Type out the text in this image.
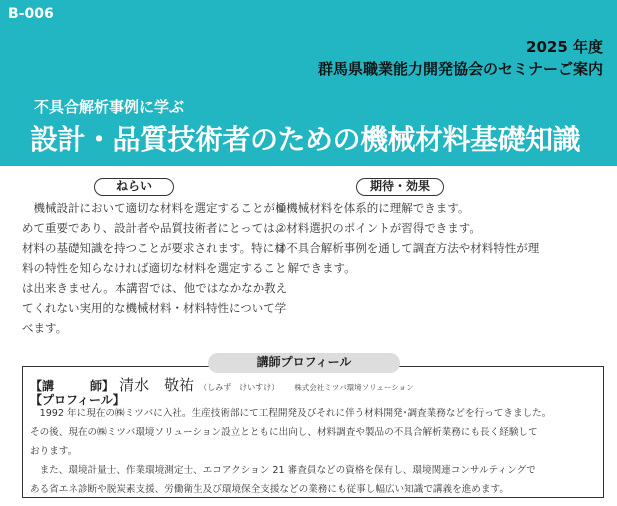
B-006
2025 年度
群馬県職業能力開発協会のセミナーご案内
不具合解析事例に学ぶ
設計・品質技術者のための機械材料基礎知識
ねらい
　機械設計において適切な材料を選定することが極
めて重要であり、設計者や品質技術者にとっては、
材料の基礎知識を持つことが要求されます。特に材
料の特性を知らなければ適切な材料を選定すること
は出来きません。本講習では、他ではなかなか教え
てくれない実用的な機械材料・材料特性について学
べます。
期待・効果
①機械材料を体系的に理解できます。
②材料選択のポイントが習得できます。
③不具合解析事例を通して調査方法や材料特性が理
　解できます。
講師プロフィール
【講　　　師】 清水　敬祐 （しみず　けいすけ） 株式会社ミツバ環境ソリューション
【プロフィール】
　1992 年に現在の㈱ミツバに入社。生産技術部にて工程開発及びそれに伴う材料開発･調査業務などを行ってきました。
その後、現在の㈱ミツバ環境ソリューション設立とともに出向し、材料調査や製品の不具合解析業務にも長く経験して
おります。
　また、環境計量士、作業環境測定士、エコアクション 21 審査員などの資格を保有し、環境関連コンサルティングで
ある省エネ診断や脱炭素支援、労働衛生及び環境保全支援などの業務にも従事し幅広い知識で講義を進めます。
